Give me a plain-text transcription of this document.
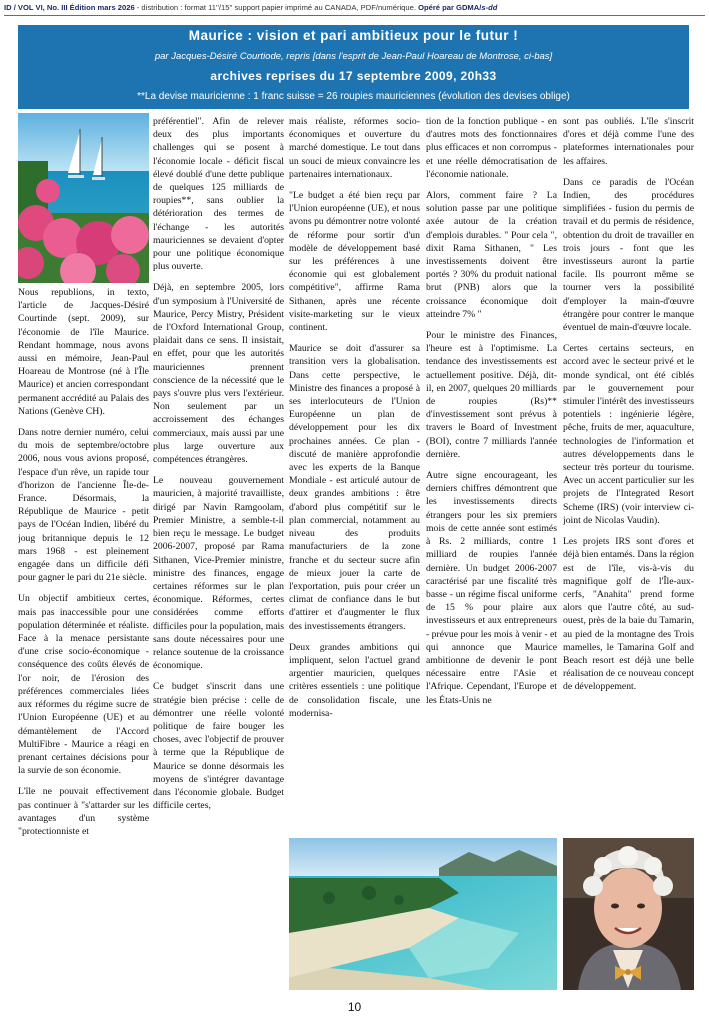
ID / VOL VI, No. III Édition mars 2026 - distribution : format 11''/15'' support papier imprimé au CANADA, PDF/numérique. Opéré par GDMA/s-dd
Maurice : vision et pari ambitieux pour le futur !
par Jacques-Désiré Courtiode, repris [dans l'esprit de Jean-Paul Hoareau de Montrose, ci-bas]
archives reprises du 17 septembre 2009, 20h33
**La devise mauricienne : 1 franc suisse = 26 roupies mauriciennes (évolution des devises oblige)

Nous republions, in texto, l'article de Jacques-Désiré Courtinde (sept. 2009), sur l'économie de l'île Maurice. Rendant hommage, nous avons aussi en mémoire, Jean-Paul Hoareau de Montrose (né à l'Île Maurice) et ancien correspondant permanent accrédité au Palais des Nations (Genève CH).

Dans notre dernier numéro, celui du mois de septembre/octobre 2006, nous vous avions proposé, l'espace d'un rêve, un rapide tour d'horizon de l'ancienne Île-de-France. Désormais, la République de Maurice - petit pays de l'Océan Indien, libéré du joug britannique depuis le 12 mars 1968 - est pleinement engagée dans un difficile défi pour gagner le pari du 21e siècle.

Un objectif ambitieux certes, mais pas inaccessible pour une population déterminée et réaliste. Face à la menace persistante d'une crise socio-économique - conséquence des coûts élevés de l'or noir, de l'érosion des préférences commerciales liées aux réformes du régime sucre de l'Union Européenne (UE) et au démantèlement de l'Accord MultiFibre - Maurice a réagi en prenant certaines décisions pour la survie de son économie.

L'île ne pouvait effectivement pas continuer à "s'attarder sur les avantages d'un système "protectionniste et

préférentiel". Afin de relever deux des plus importants challenges qui se posent à l'économie locale - déficit fiscal élevé doublé d'une dette publique de quelques 125 milliards de roupies**, sans oublier la détérioration des termes de l'échange - les autorités mauriciennes se devaient d'opter pour une politique économique plus ouverte.

Déjà, en septembre 2005, lors d'un symposium à l'Université de Maurice, Percy Mistry, Président de l'Oxford International Group, plaidait dans ce sens. Il insistait, en effet, pour que les autorités mauriciennes prennent conscience de la nécessité que le pays s'ouvre plus vers l'extérieur. Non seulement par un accroissement des échanges commerciaux, mais aussi par une plus large ouverture aux compétences étrangères.

Le nouveau gouvernement mauricien, à majorité travailliste, dirigé par Navin Ramgoolam, Premier Ministre, a semble-t-il bien reçu le message. Le budget 2006-2007, proposé par Rama Sithanen, Vice-Premier ministre, ministre des finances, engage certaines réformes sur le plan économique. Réformes, certes considérées comme efforts difficiles pour la population, mais sans doute nécessaires pour une relance soutenue de la croissance économique.

Ce budget s'inscrit dans une stratégie bien précise : celle de démontrer une réelle volonté politique de faire bouger les choses, avec l'objectif de prouver à terme que la République de Maurice se donne désormais les moyens de s'intégrer davantage dans l'économie globale. Budget difficile certes,

mais réaliste, réformes socio-économiques et ouverture du marché domestique. Le tout dans un souci de mieux convaincre les partenaires internationaux.

"Le budget a été bien reçu par l'Union européenne (UE), et nous avons pu démontrer notre volonté de réforme pour sortir d'un modèle de développement basé sur les préférences à une économie qui est globalement compétitive", affirme Rama Sithanen, après une récente visite-marketing sur le vieux continent.

Maurice se doit d'assurer sa transition vers la globalisation. Dans cette perspective, le Ministre des finances a proposé à ses interlocuteurs de l'Union Européenne un plan de développement pour les dix prochaines années. Ce plan - discuté de manière approfondie avec les experts de la Banque Mondiale - est articulé autour de deux grandes ambitions : être d'abord plus compétitif sur le plan commercial, notamment au niveau des produits manufacturiers de la zone franche et du secteur sucre afin de mieux jouer la carte de l'exportation, puis pour créer un climat de confiance dans le but d'attirer et d'augmenter le flux des investissements étrangers.

Deux grandes ambitions qui impliquent, selon l'actuel grand argentier mauricien, quelques critères essentiels : une politique de consolidation fiscale, une modernisa-

tion de la fonction publique - en d'autres mots des fonctionnaires plus efficaces et non corrompus - et une réelle démocratisation de l'économie nationale.

Alors, comment faire ? La solution passe par une politique axée autour de la création d'emplois durables. " Pour cela ", dixit Rama Sithanen, " Les investissements doivent être portés ? 30% du produit national brut (PNB) alors que la croissance économique doit atteindre 7% "

Pour le ministre des Finances, l'heure est à l'optimisme. La tendance des investissements est actuellement positive. Déjà, dit-il, en 2007, quelques 20 milliards de roupies (Rs)** d'investissement sont prévus à travers le Board of Investment (BOI), contre 7 milliards l'année dernière.

Autre signe encourageant, les derniers chiffres démontrent que les investissements directs étrangers pour les six premiers mois de cette année sont estimés à Rs. 2 milliards, contre 1 milliard de roupies l'année dernière. Un budget 2006-2007 caractérisé par une fiscalité très basse - un régime fiscal uniforme de 15 % pour plaire aux investisseurs et aux entrepreneurs - prévue pour les mois à venir - et qui annonce que Maurice ambitionne de devenir le pont nécessaire entre l'Asie et l'Afrique. Cependant, l'Europe et les États-Unis ne

sont pas oubliés. L'île s'inscrit d'ores et déjà comme l'une des plateformes internationales pour les affaires.

Dans ce paradis de l'Océan Indien, des procédures simplifiées - fusion du permis de travail et du permis de résidence, obtention du droit de travailler en trois jours - font que les investisseurs auront la partie facile. Ils pourront même se tourner vers la possibilité d'employer la main-d'œuvre étrangère pour contrer le manque éventuel de main-d'œuvre locale.

Certes certains secteurs, en accord avec le secteur privé et le monde syndical, ont été ciblés par le gouvernement pour stimuler l'intérêt des investisseurs potentiels : ingénierie légère, pêche, fruits de mer, aquaculture, technologies de l'information et autres développements dans le secteur très porteur du tourisme. Avec un accent particulier sur les projets de l'Integrated Resort Scheme (IRS) (voir interview ci-joint de Nicolas Vaudin).

Les projets IRS sont d'ores et déjà bien entamés. Dans la région est de l'île, vis-à-vis du magnifique golf de l'Île-aux-cerfs, "Anahita" prend forme alors que l'autre côté, au sud-ouest, près de la baie du Tamarin, au pied de la montagne des Trois mamelles, le Tamarina Golf and Beach resort est déjà une belle réalisation de ce nouveau concept de développement.

10
